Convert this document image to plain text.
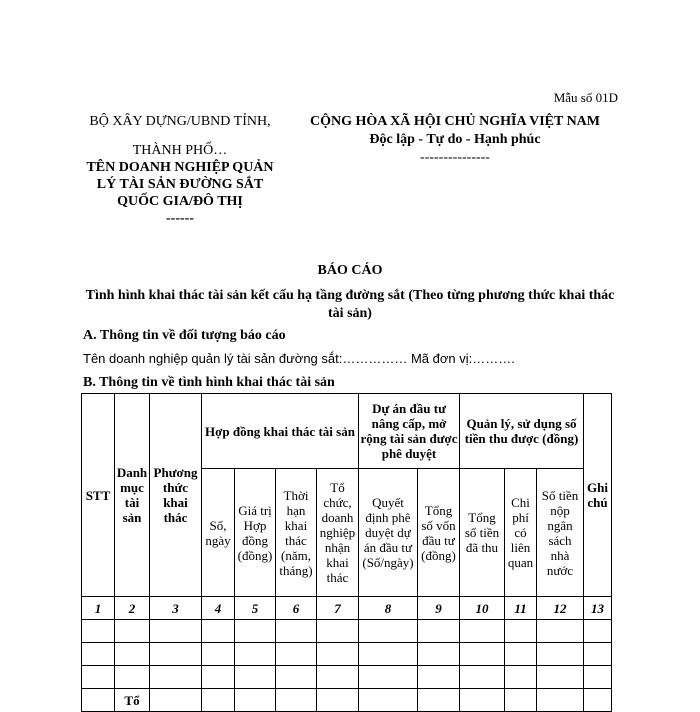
Mẫu số 01D
BỘ XÂY DỰNG/UBND TỈNH,
THÀNH PHỐ…
TÊN DOANH NGHIỆP QUẢN LÝ TÀI SẢN ĐƯỜNG SẮT QUỐC GIA/ĐÔ THỊ
------
CỘNG HÒA XÃ HỘI CHỦ NGHĨA VIỆT NAM
Độc lập - Tự do - Hạnh phúc
---------------
BÁO CÁO
Tình hình khai thác tài sản kết cấu hạ tầng đường sắt (Theo từng phương thức khai thác tài sản)
A. Thông tin về đối tượng báo cáo
Tên doanh nghiệp quản lý tài sản đường sắt:…………… Mã đơn vị:……….
B. Thông tin về tình hình khai thác tài sản
STT	Danh mục tài sản	Phương thức khai thác	Hợp đồng khai thác tài sản				Dự án đầu tư nâng cấp, mở rộng tài sản được phê duyệt		Quản lý, sử dụng số tiền thu được (đồng)			Ghi chú
			Số, ngày	Giá trị Hợp đồng (đồng)	Thời hạn khai thác (năm, tháng)	Tổ chức, doanh nghiệp nhận khai thác	Quyết định phê duyệt dự án đầu tư (Số/ngày)	Tổng số vốn đầu tư (đồng)	Tổng số tiền đã thu	Chi phí có liên quan	Số tiền nộp ngân sách nhà nước	
1	2	3	4	5	6	7	8	9	10	11	12	13

	Tổ											
